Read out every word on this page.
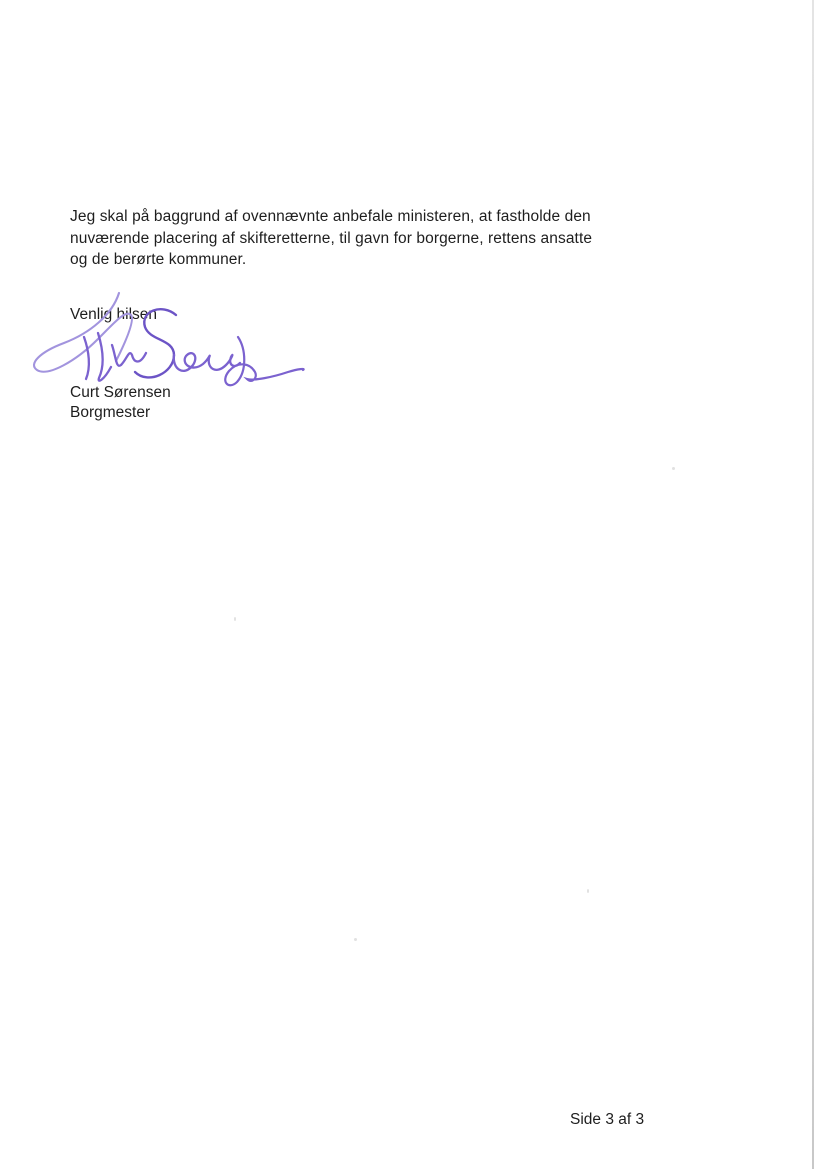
Jeg skal på baggrund af ovennævnte anbefale ministeren, at fastholde den
nuværende placering af skifteretterne, til gavn for borgerne, rettens ansatte
og de berørte kommuner.
Venlig hilsen
Curt Sørensen
Borgmester
Side 3 af 3
